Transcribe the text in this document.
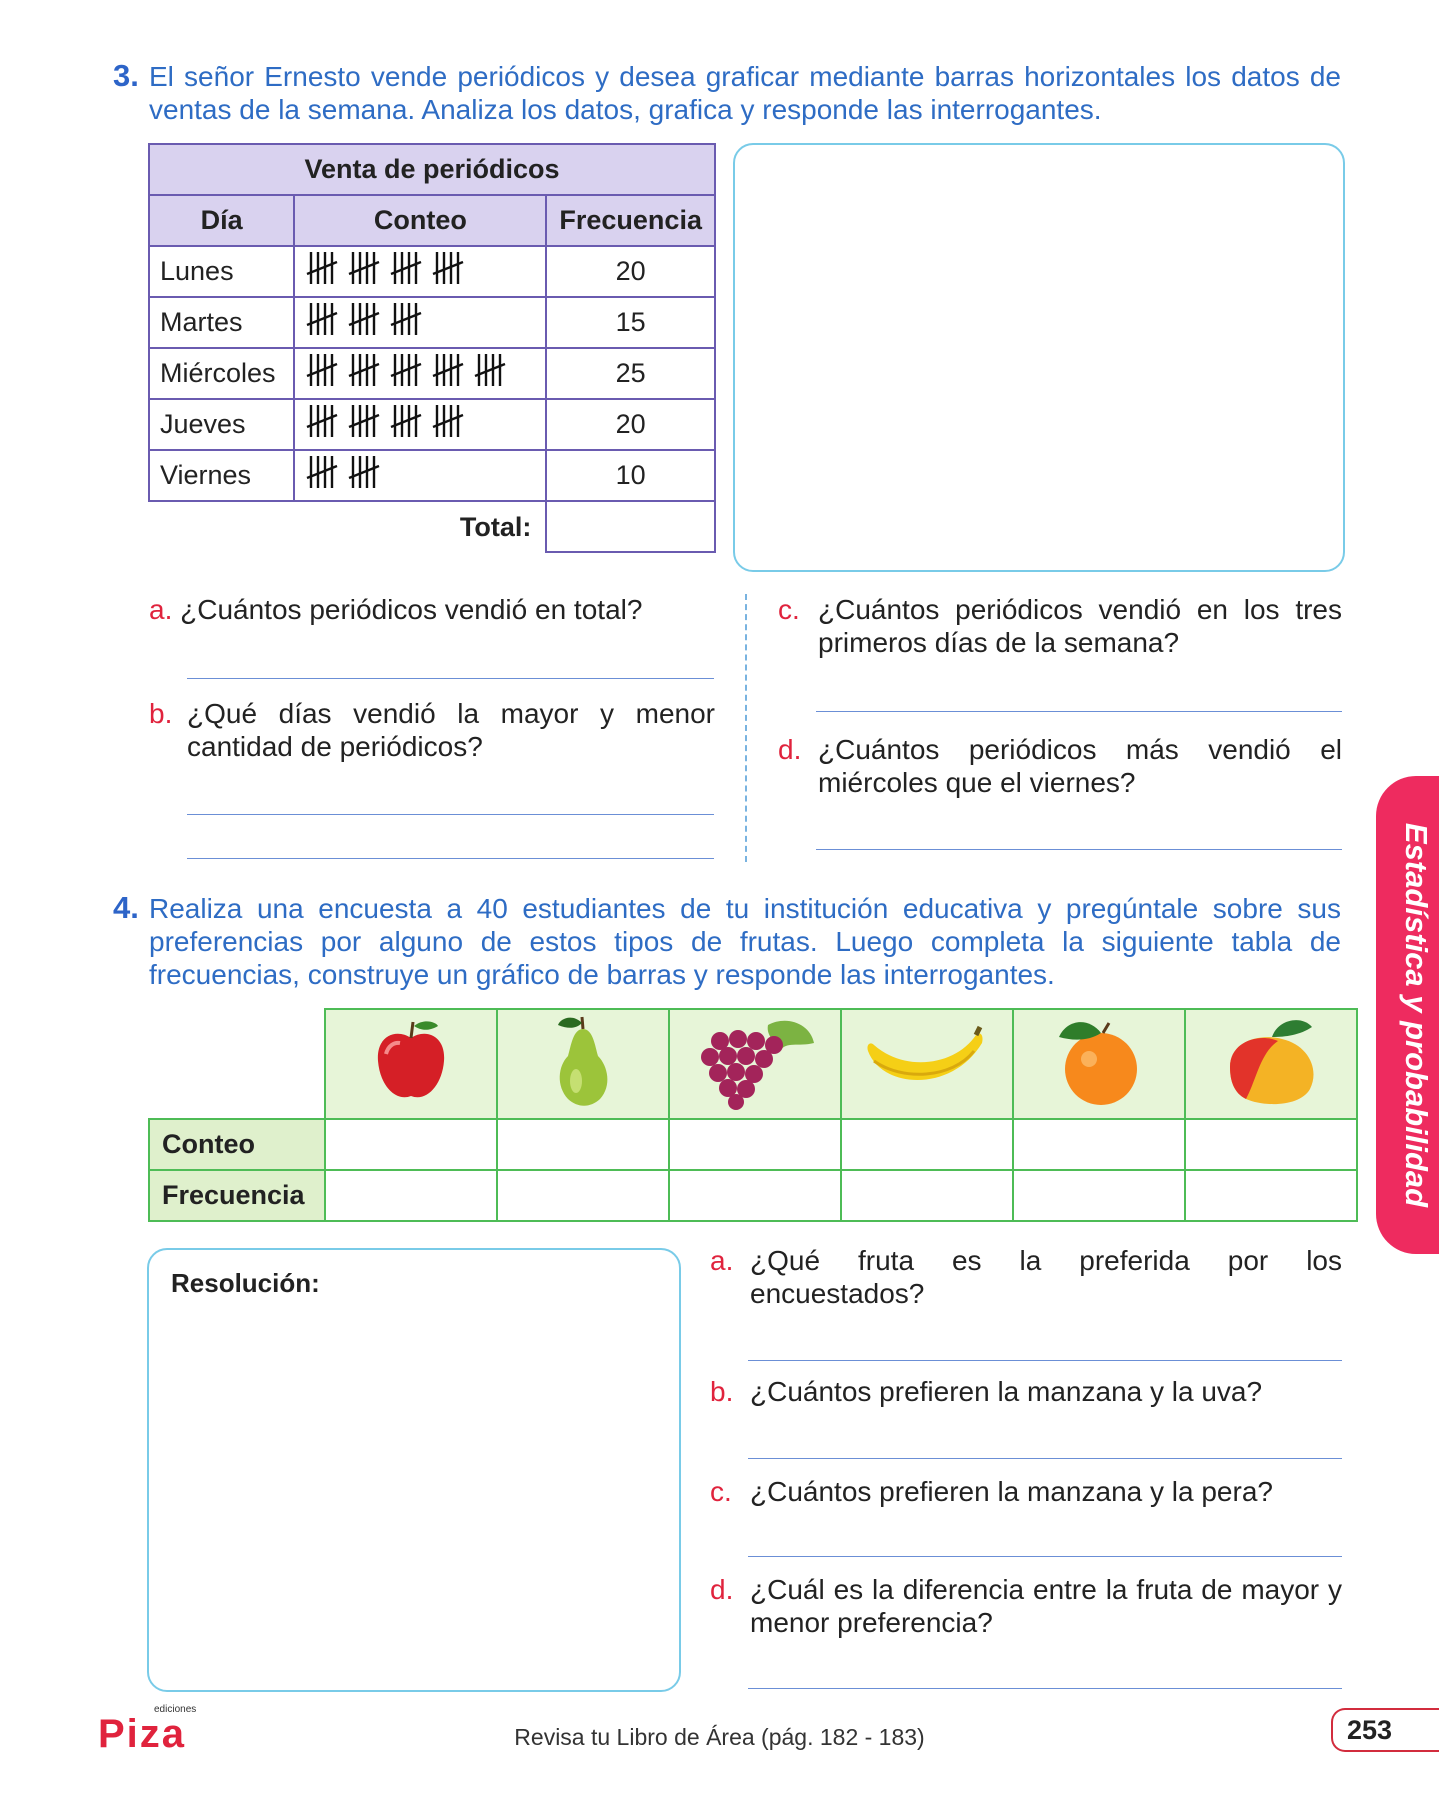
3. El señor Ernesto vende periódicos y desea graficar mediante barras horizontales los datos de ventas de la semana. Analiza los datos, grafica y responde las interrogantes.
Venta de periódicos		
Día	Conteo	Frecuencia
Lunes		20
Martes		15
Miércoles		25
Jueves		20
Viernes		10
Total:		
a. ¿Cuántos periódicos vendió en total?
b. ¿Qué días vendió la mayor y menor cantidad de periódicos?
c. ¿Cuántos periódicos vendió en los tres primeros días de la semana?
d. ¿Cuántos periódicos más vendió el miércoles que el viernes?
4. Realiza una encuesta a 40 estudiantes de tu institución educativa y pregúntale sobre sus preferencias por alguno de estos tipos de frutas. Luego completa la siguiente tabla de frecuencias, construye un gráfico de barras y responde las interrogantes.

Conteo						
Frecuencia						
Resolución:
a. ¿Qué fruta es la preferida por los encuestados?
b. ¿Cuántos prefieren la manzana y la uva?
c. ¿Cuántos prefieren la manzana y la pera?
d. ¿Cuál es la diferencia entre la fruta de mayor y menor preferencia?
Estadística y probabilidad
ediciones
Piza	Revisa tu Libro de Área (pág. 182 - 183)	253
